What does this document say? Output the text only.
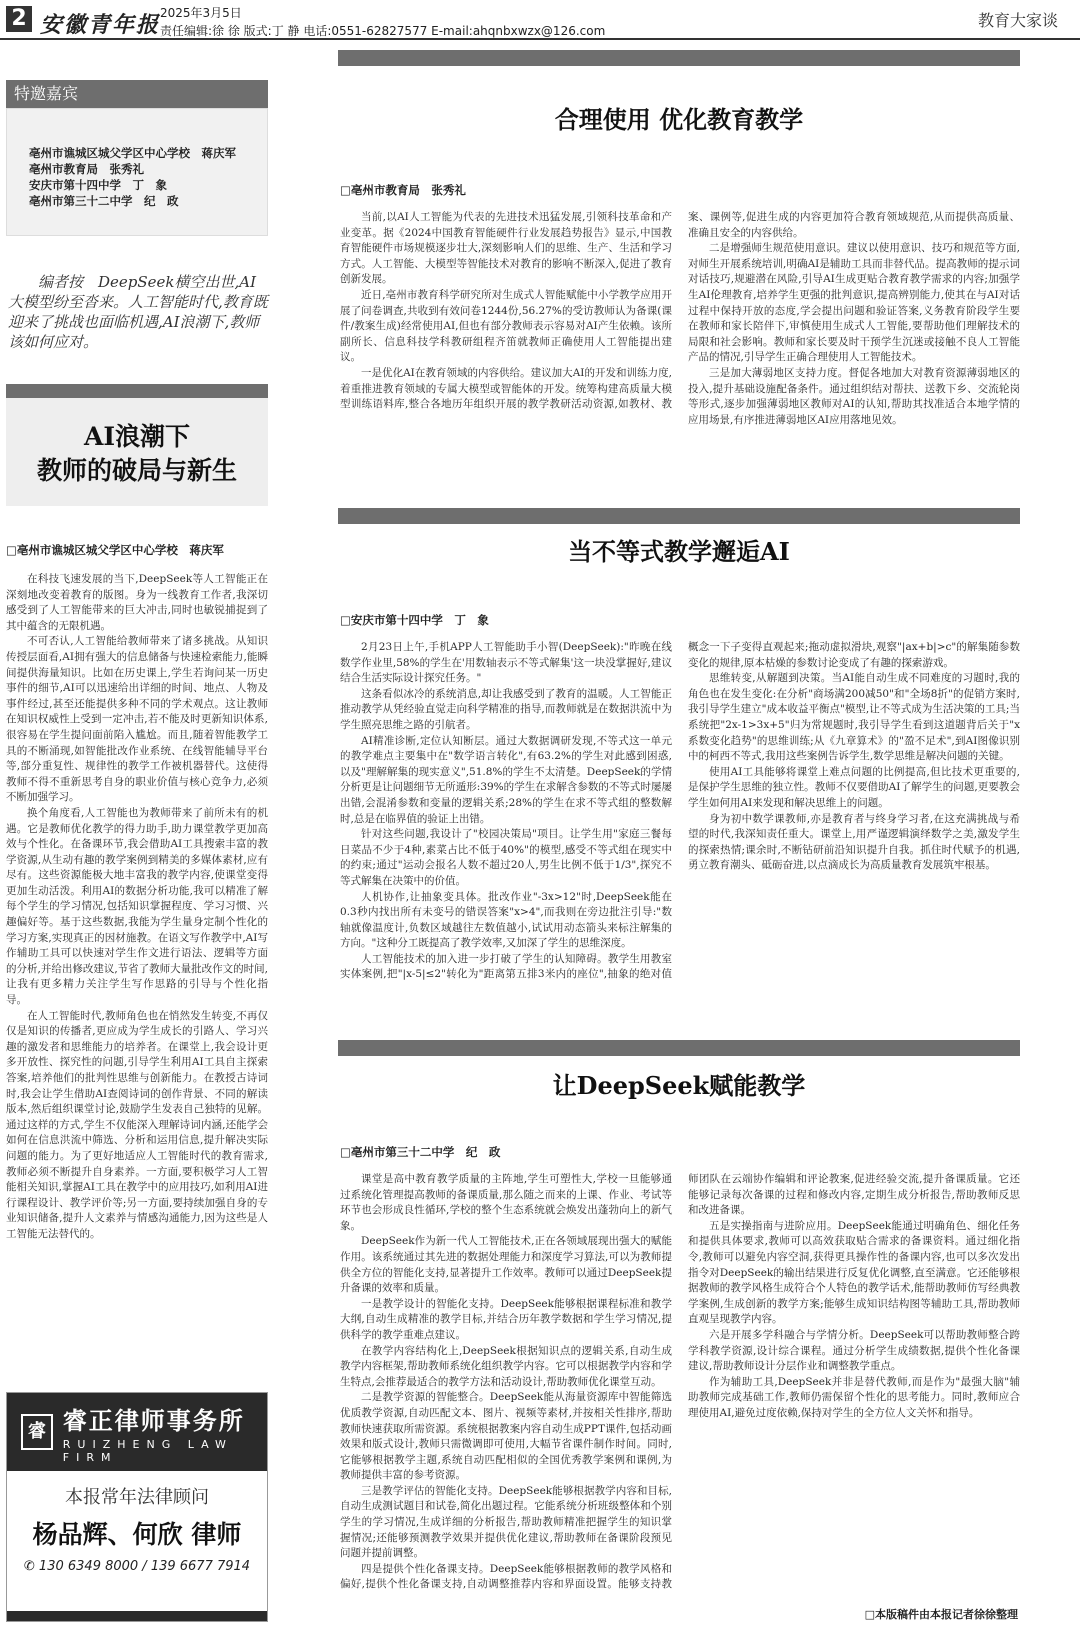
2 安徽青年报 2025年3月5日
责任编辑:徐 徐 版式:丁 静 电话:0551-62827577 E-mail:ahqnbxwzx@126.com
教育大家谈
特邀嘉宾
亳州市谯城区城父学区中心学校　蒋庆军
亳州市教育局　张秀礼
安庆市第十四中学　丁　象
亳州市第三十二中学　纪　政
编者按　DeepSeek横空出世,AI大模型纷至沓来。人工智能时代,教育既迎来了挑战也面临机遇,AI浪潮下,教师该如何应对。
AI浪潮下
教师的破局与新生
□亳州市谯城区城父学区中心学校　蒋庆军

在科技飞速发展的当下,DeepSeek等人工智能正在深刻地改变着教育的版图。身为一线教育工作者,我深切感受到了人工智能带来的巨大冲击,同时也敏锐捕捉到了其中蕴含的无限机遇。

不可否认,人工智能给教师带来了诸多挑战。从知识传授层面看,AI拥有强大的信息储备与快速检索能力,能瞬间提供海量知识。比如在历史课上,学生若询问某一历史事件的细节,AI可以迅速给出详细的时间、地点、人物及事件经过,甚至还能提供多种不同的学术观点。这让教师在知识权威性上受到一定冲击,若不能及时更新知识体系,很容易在学生提问面前陷入尴尬。而且,随着智能教学工具的不断涌现,如智能批改作业系统、在线智能辅导平台等,部分重复性、规律性的教学工作被机器替代。这使得教师不得不重新思考自身的职业价值与核心竞争力,必须不断加强学习。

换个角度看,人工智能也为教师带来了前所未有的机遇。它是教师优化教学的得力助手,助力课堂教学更加高效与个性化。在备课环节,我会借助AI工具搜索丰富的教学资源,从生动有趣的教学案例到精美的多媒体素材,应有尽有。这些资源能极大地丰富我的教学内容,使课堂变得更加生动活泼。利用AI的数据分析功能,我可以精准了解每个学生的学习情况,包括知识掌握程度、学习习惯、兴趣偏好等。基于这些数据,我能为学生量身定制个性化的学习方案,实现真正的因材施教。在语文写作教学中,AI写作辅助工具可以快速对学生作文进行语法、逻辑等方面的分析,并给出修改建议,节省了教师大量批改作文的时间,让我有更多精力关注学生写作思路的引导与个性化指导。

在人工智能时代,教师角色也在悄然发生转变,不再仅仅是知识的传播者,更应成为学生成长的引路人、学习兴趣的激发者和思维能力的培养者。在课堂上,我会设计更多开放性、探究性的问题,引导学生利用AI工具自主探索答案,培养他们的批判性思维与创新能力。在教授古诗词时,我会让学生借助AI查阅诗词的创作背景、不同的解读版本,然后组织课堂讨论,鼓励学生发表自己独特的见解。通过这样的方式,学生不仅能深入理解诗词内涵,还能学会如何在信息洪流中筛选、分析和运用信息,提升解决实际问题的能力。为了更好地适应人工智能时代的教育需求,教师必须不断提升自身素养。一方面,要积极学习人工智能相关知识,掌握AI工具在教学中的应用技巧,如利用AI进行课程设计、教学评价等;另一方面,要持续加强自身的专业知识储备,提升人文素养与情感沟通能力,因为这些是人工智能无法替代的。

睿 睿正律师事务所
RUIZHENG LAW FIRM
本报常年法律顾问
杨品辉、何欣 律师
✆ 130 6349 8000 / 139 6677 7914
合理使用 优化教育教学
□亳州市教育局　张秀礼

当前,以AI人工智能为代表的先进技术迅猛发展,引领科技革命和产业变革。据《2024中国教育智能硬件行业发展趋势报告》显示,中国教育智能硬件市场规模逐步壮大,深刻影响人们的思维、生产、生活和学习方式。人工智能、大模型等智能技术对教育的影响不断深入,促进了教育创新发展。

近日,亳州市教育科学研究所对生成式人智能赋能中小学教学应用开展了问卷调查,共收到有效问卷1244份,56.27%的受访教师认为备课(课件/教案生成)经常使用AI,但也有部分教师表示容易对AI产生依赖。该所副所长、信息科技学科教研组程齐笛就教师正确使用人工智能提出建议。

一是优化AI在教育领域的内容供给。建议加大AI的开发和训练力度,着重推进教育领域的专属大模型或智能体的开发。统筹构建高质量大模型训练语料库,整合各地历年组织开展的教学教研活动资源,如教材、教案、课例等,促进生成的内容更加符合教育领域规范,从而提供高质量、准确且安全的内容供给。

二是增强师生规范使用意识。建议以使用意识、技巧和规范等方面,对师生开展系统培训,明确AI是辅助工具而非替代品。提高教师的提示词对话技巧,规避潜在风险,引导AI生成更贴合教育教学需求的内容;加强学生AI伦理教育,培养学生更强的批判意识,提高辨别能力,使其在与AI对话过程中保持开放的态度,学会提出问题和验证答案,义务教育阶段学生要在教师和家长陪伴下,审慎使用生成式人工智能,要帮助他们理解技术的局限和社会影响。教师和家长要及时干预学生沉迷或接触不良人工智能产品的情况,引导学生正确合理使用人工智能技术。

三是加大薄弱地区支持力度。督促各地加大对教育资源薄弱地区的投入,提升基础设施配备条件。通过组织结对帮扶、送教下乡、交流轮岗等形式,逐步加强薄弱地区教师对AI的认知,帮助其找准适合本地学情的应用场景,有序推进薄弱地区AI应用落地见效。

当不等式教学邂逅AI
□安庆市第十四中学　丁　象

2月23日上午,手机APP人工智能助手小智(DeepSeek):"昨晚在线数学作业里,58%的学生在'用数轴表示不等式解集'这一块没掌握好,建议结合生活实际设计探究任务。"

这条看似冰冷的系统消息,却让我感受到了教育的温暖。人工智能正推动教学从凭经验直觉走向科学精准的指导,而教师就是在数据洪流中为学生照亮思维之路的引航者。

AI精准诊断,定位认知断层。通过大数据调研发现,不等式这一单元的教学难点主要集中在"数学语言转化",有63.2%的学生对此感到困惑,以及"理解解集的现实意义",51.8%的学生不太清楚。DeepSeek的学情分析更是让问题细节无所遁形:39%的学生在求解含参数的不等式时屡屡出错,会混淆参数和变量的逻辑关系;28%的学生在求不等式组的整数解时,总是在临界值的验证上出错。

针对这些问题,我设计了"校园决策局"项目。让学生用"家庭三餐每日菜品不少于4种,素菜占比不低于40%"的模型,感受不等式组在现实中的约束;通过"运动会报名人数不超过20人,男生比例不低于1/3",探究不等式解集在决策中的价值。

人机协作,让抽象变具体。批改作业"-3x>12"时,DeepSeek能在0.3秒内找出所有未变号的错误答案"x>4",而我则在旁边批注引导:"数轴就像温度计,负数区域越往左数值越小,试试用动态箭头来标注解集的方向。"这种分工既提高了教学效率,又加深了学生的思维深度。

人工智能技术的加入进一步打破了学生的认知障碍。教学生用教室实体案例,把"|x-5|≤2"转化为"距离第五排3米内的座位",抽象的绝对值概念一下子变得直观起来;拖动虚拟滑块,观察"|ax+b|>c"的解集随参数变化的规律,原本枯燥的参数讨论变成了有趣的探索游戏。

思维转变,从解题到决策。当AI能自动生成不同难度的习题时,我的角色也在发生变化:在分析"商场满200减50"和"全场8折"的促销方案时,我引导学生建立"成本收益平衡点"模型,让不等式成为生活决策的工具;当系统把"2x-1>3x+5"归为常规题时,我引导学生看到这道题背后关于"x系数变化趋势"的思维训练;从《九章算术》的"盈不足术",到AI图像识别中的柯西不等式,我用这些案例告诉学生,数学思维是解决问题的关键。

使用AI工具能够将课堂上难点问题的比例提高,但比技术更重要的,是保护学生思维的独立性。教师不仅要借助AI了解学生的问题,更要教会学生如何用AI来发现和解决思维上的问题。

身为初中数学课教师,亦是教育者与终身学习者,在这充满挑战与希望的时代,我深知责任重大。课堂上,用严谨逻辑演绎数学之美,激发学生的探索热情;课余时,不断钻研前沿知识提升自我。抓住时代赋予的机遇,勇立教育潮头、砥砺奋进,以点滴成长为高质量教育发展筑牢根基。

让DeepSeek赋能教学
□亳州市第三十二中学　纪　政

课堂是高中教育教学质量的主阵地,学生可塑性大,学校一旦能够通过系统化管理提高教师的备课质量,那么随之而来的上课、作业、考试等环节也会形成良性循环,学校的整个生态系统就会焕发出蓬勃向上的新气象。

DeepSeek作为新一代人工智能技术,正在各领域展现出强大的赋能作用。该系统通过其先进的数据处理能力和深度学习算法,可以为教师提供全方位的智能化支持,显著提升工作效率。教师可以通过DeepSeek提升备课的效率和质量。

一是教学设计的智能化支持。DeepSeek能够根据课程标准和教学大纲,自动生成精准的教学目标,并结合历年教学数据和学生学习情况,提供科学的教学重难点建议。

在教学内容结构化上,DeepSeek根据知识点的逻辑关系,自动生成教学内容框架,帮助教师系统化组织教学内容。它可以根据教学内容和学生特点,会推荐最适合的教学方法和活动设计,帮助教师优化课堂互动。

二是教学资源的智能整合。DeepSeek能从海量资源库中智能筛选优质教学资源,自动匹配文本、图片、视频等素材,并按相关性排序,帮助教师快速获取所需资源。系统根据教案内容自动生成PPT课件,包括动画效果和版式设计,教师只需微调即可使用,大幅节省课件制作时间。同时,它能够根据教学主题,系统自动匹配相似的全国优秀教学案例和课例,为教师提供丰富的参考资源。

三是教学评估的智能化支持。DeepSeek能够根据教学内容和目标,自动生成测试题目和试卷,简化出题过程。它能系统分析班级整体和个别学生的学习情况,生成详细的分析报告,帮助教师精准把握学生的知识掌握情况;还能够预测教学效果并提供优化建议,帮助教师在备课阶段预见问题并提前调整。

四是提供个性化备课支持。DeepSeek能够根据教师的教学风格和偏好,提供个性化备课支持,自动调整推荐内容和界面设置。能够支持教师团队在云端协作编辑和评论教案,促进经验交流,提升备课质量。它还能够记录每次备课的过程和修改内容,定期生成分析报告,帮助教师反思和改进备课。

五是实操指南与进阶应用。DeepSeek能通过明确角色、细化任务和提供具体要求,教师可以高效获取贴合需求的备课资料。通过细化指令,教师可以避免内容空洞,获得更具操作性的备课内容,也可以多次发出指令对DeepSeek的输出结果进行反复优化调整,直至满意。它还能够根据教师的教学风格生成符合个人特色的教学话术,能帮助教师仿写经典教学案例,生成创新的教学方案;能够生成知识结构图等辅助工具,帮助教师直观呈现教学内容。

六是开展多学科融合与学情分析。DeepSeek可以帮助教师整合跨学科教学资源,设计综合课程。通过分析学生成绩数据,提供个性化备课建议,帮助教师设计分层作业和调整教学重点。

作为辅助工具,DeepSeek并非是替代教师,而是作为"最强大脑"辅助教师完成基础工作,教师仍需保留个性化的思考能力。同时,教师应合理使用AI,避免过度依赖,保持对学生的全方位人文关怀和指导。

□本版稿件由本报记者徐徐整理
